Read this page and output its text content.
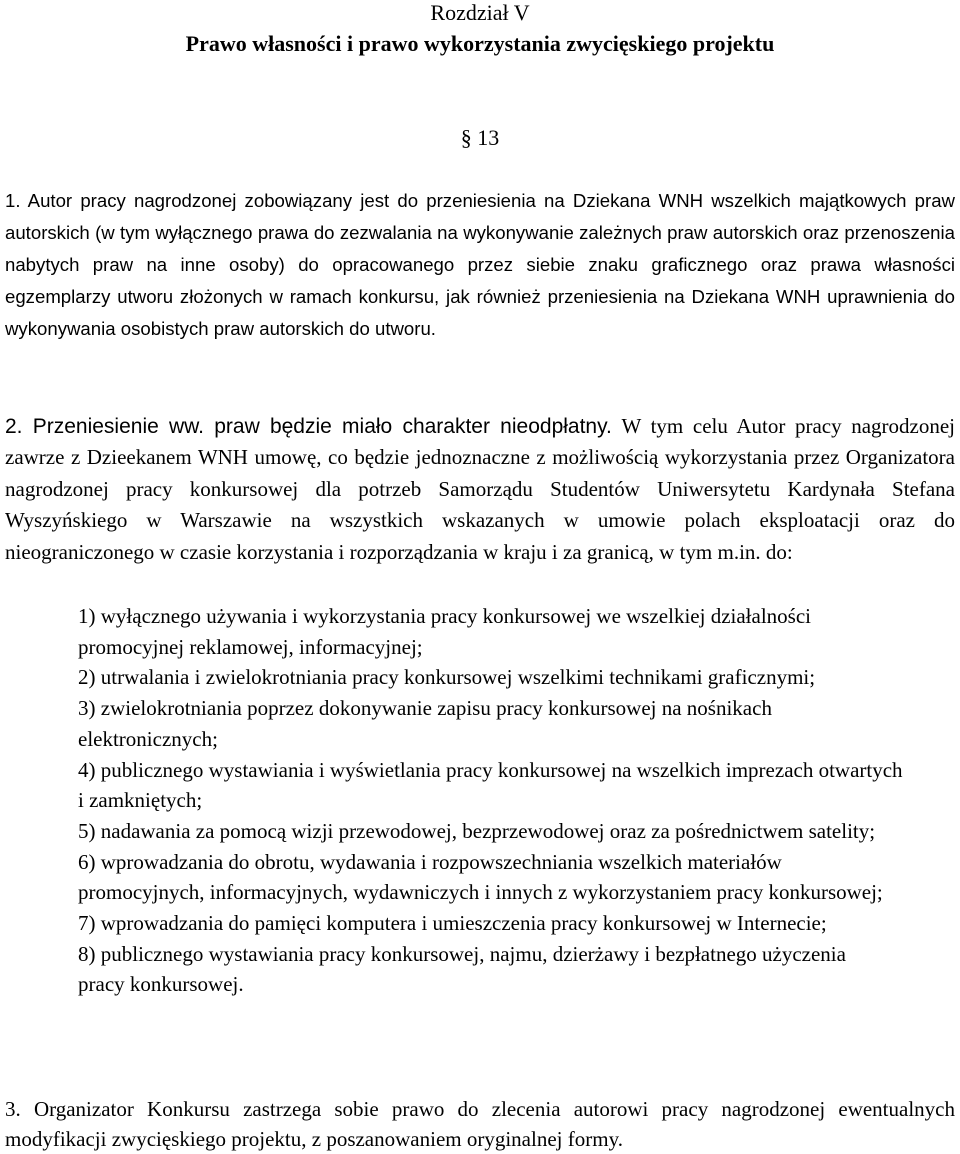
Rozdział V
Prawo własności i prawo wykorzystania zwycięskiego projektu
§ 13
1. Autor pracy nagrodzonej zobowiązany jest do przeniesienia na Dziekana WNH wszelkich majątkowych praw autorskich (w tym wyłącznego prawa do zezwalania na wykonywanie zależnych praw autorskich oraz przenoszenia nabytych praw na inne osoby) do opracowanego przez siebie znaku graficznego oraz prawa własności egzemplarzy utworu złożonych w ramach konkursu, jak również przeniesienia na Dziekana WNH uprawnienia do wykonywania osobistych praw autorskich do utworu.
2. Przeniesienie ww. praw będzie miało charakter nieodpłatny. W tym celu Autor pracy nagrodzonej zawrze z Dzieekanem WNH umowę, co będzie jednoznaczne z możliwością wykorzystania przez Organizatora nagrodzonej pracy konkursowej dla potrzeb Samorządu Studentów Uniwersytetu Kardynała Stefana Wyszyńskiego w Warszawie na wszystkich wskazanych w umowie polach eksploatacji oraz do nieograniczonego w czasie korzystania i rozporządzania w kraju i za granicą, w tym m.in. do:

1) wyłącznego używania i wykorzystania pracy konkursowej we wszelkiej działalności promocyjnej reklamowej, informacyjnej;

2) utrwalania i zwielokrotniania pracy konkursowej wszelkimi technikami graficznymi;

3) zwielokrotniania poprzez dokonywanie zapisu pracy konkursowej na nośnikach elektronicznych;

4) publicznego wystawiania i wyświetlania pracy konkursowej na wszelkich imprezach otwartych i zamkniętych;

5) nadawania za pomocą wizji przewodowej, bezprzewodowej oraz za pośrednictwem satelity;

6) wprowadzania do obrotu, wydawania i rozpowszechniania wszelkich materiałów promocyjnych, informacyjnych, wydawniczych i innych z wykorzystaniem pracy konkursowej;

7) wprowadzania do pamięci komputera i umieszczenia pracy konkursowej w Internecie;

8) publicznego wystawiania pracy konkursowej, najmu, dzierżawy i bezpłatnego użyczenia pracy konkursowej.

3. Organizator Konkursu zastrzega sobie prawo do zlecenia autorowi pracy nagrodzonej ewentualnych modyfikacji zwycięskiego projektu, z poszanowaniem oryginalnej formy.
